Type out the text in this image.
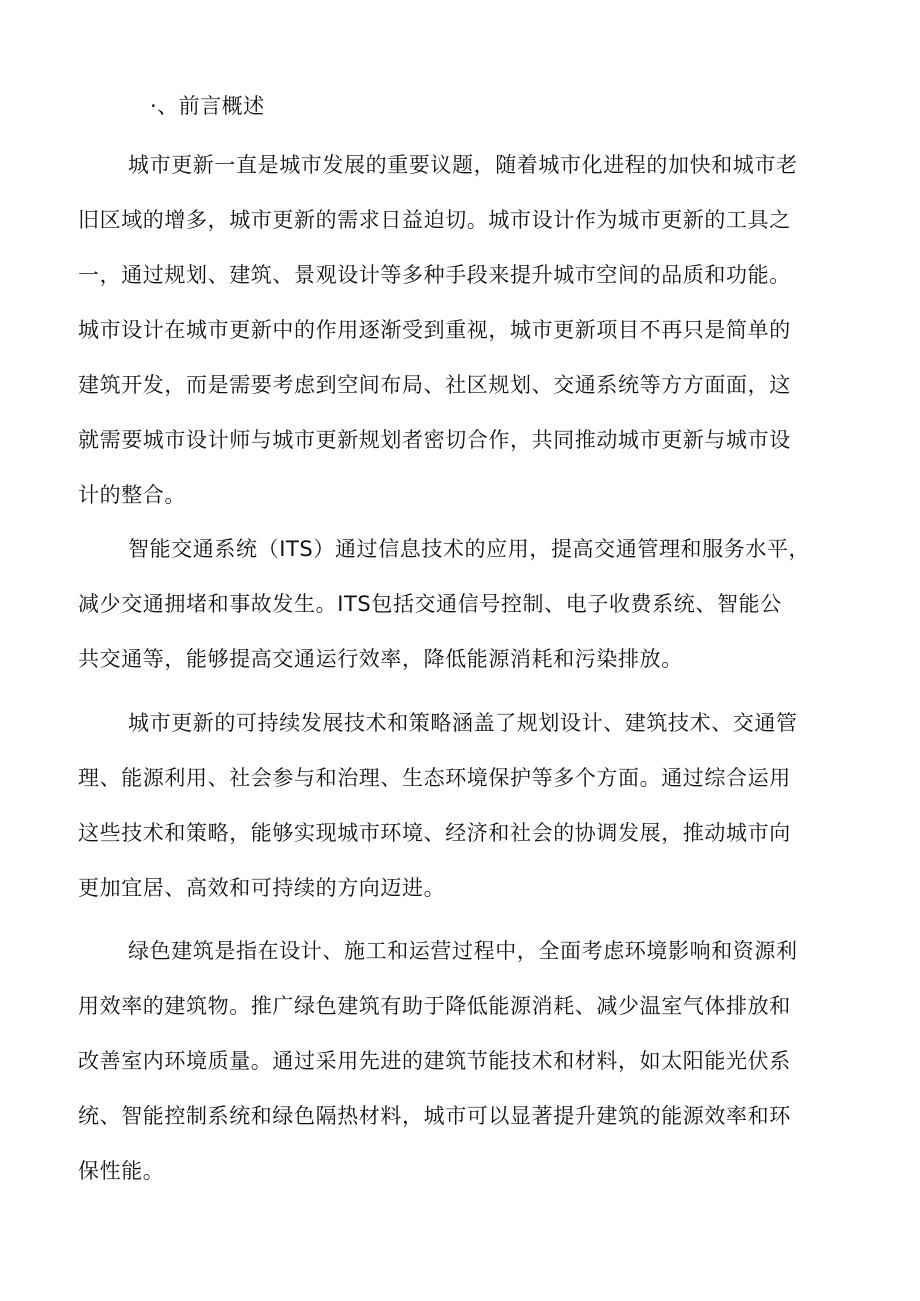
·、前言概述
城市更新一直是城市发展的重要议题，随着城市化进程的加快和城市老
旧区域的增多，城市更新的需求日益迫切。城市设计作为城市更新的工具之
一，通过规划、建筑、景观设计等多种手段来提升城市空间的品质和功能。
城市设计在城市更新中的作用逐渐受到重视，城市更新项目不再只是简单的
建筑开发，而是需要考虑到空间布局、社区规划、交通系统等方方面面，这
就需要城市设计师与城市更新规划者密切合作，共同推动城市更新与城市设
计的整合。
智能交通系统（ITS）通过信息技术的应用，提高交通管理和服务水平，
减少交通拥堵和事故发生。ITS包括交通信号控制、电子收费系统、智能公
共交通等，能够提高交通运行效率，降低能源消耗和污染排放。
城市更新的可持续发展技术和策略涵盖了规划设计、建筑技术、交通管
理、能源利用、社会参与和治理、生态环境保护等多个方面。通过综合运用
这些技术和策略，能够实现城市环境、经济和社会的协调发展，推动城市向
更加宜居、高效和可持续的方向迈进。
绿色建筑是指在设计、施工和运营过程中，全面考虑环境影响和资源利
用效率的建筑物。推广绿色建筑有助于降低能源消耗、减少温室气体排放和
改善室内环境质量。通过采用先进的建筑节能技术和材料，如太阳能光伏系
统、智能控制系统和绿色隔热材料，城市可以显著提升建筑的能源效率和环
保性能。
